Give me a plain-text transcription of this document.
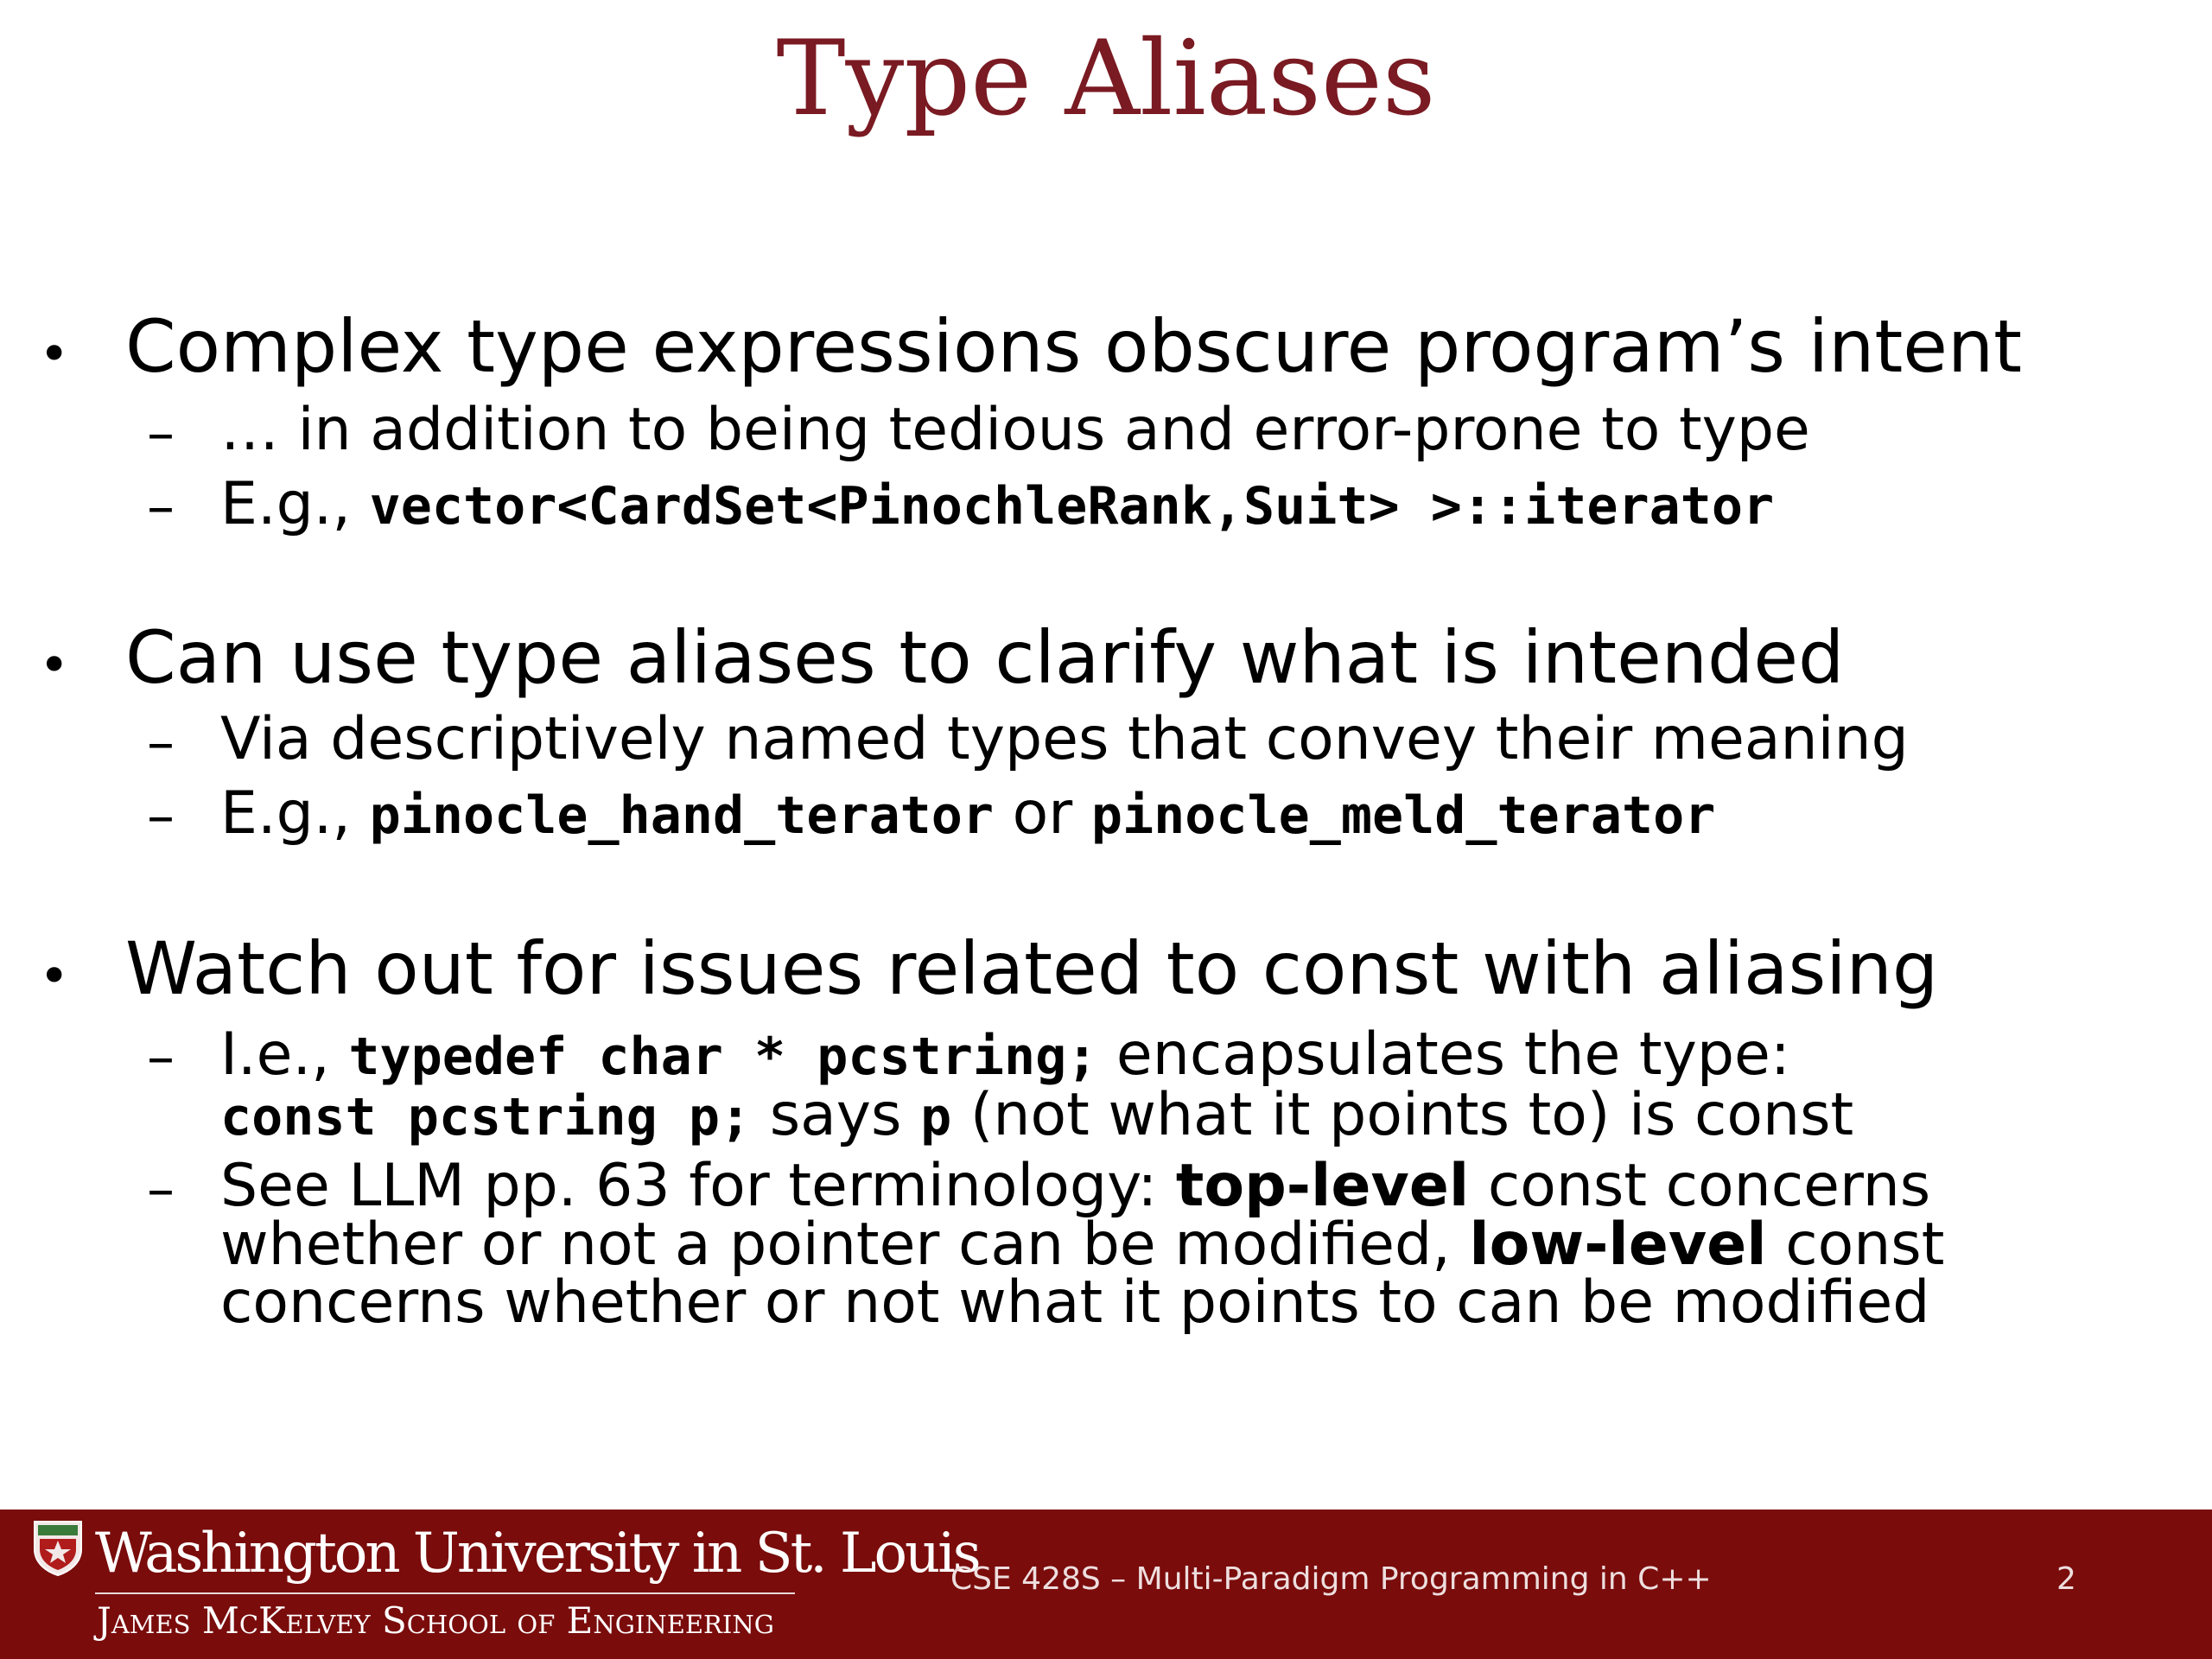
Type Aliases
• Complex type expressions obscure program’s intent
– … in addition to being tedious and error-prone to type
– E.g., vector<CardSet<PinochleRank,Suit> >::iterator
• Can use type aliases to clarify what is intended
– Via descriptively named types that convey their meaning
– E.g., pinocle_hand_terator or pinocle_meld_terator
• Watch out for issues related to const with aliasing
– I.e., typedef char * pcstring; encapsulates the type:
const pcstring p; says p (not what it points to) is const
– See LLM pp. 63 for terminology: top-level const concerns
whether or not a pointer can be modified, low-level const
concerns whether or not what it points to can be modified
Washington University in St. Louis
James McKelvey School of Engineering
CSE 428S – Multi-Paradigm Programming in C++	2
